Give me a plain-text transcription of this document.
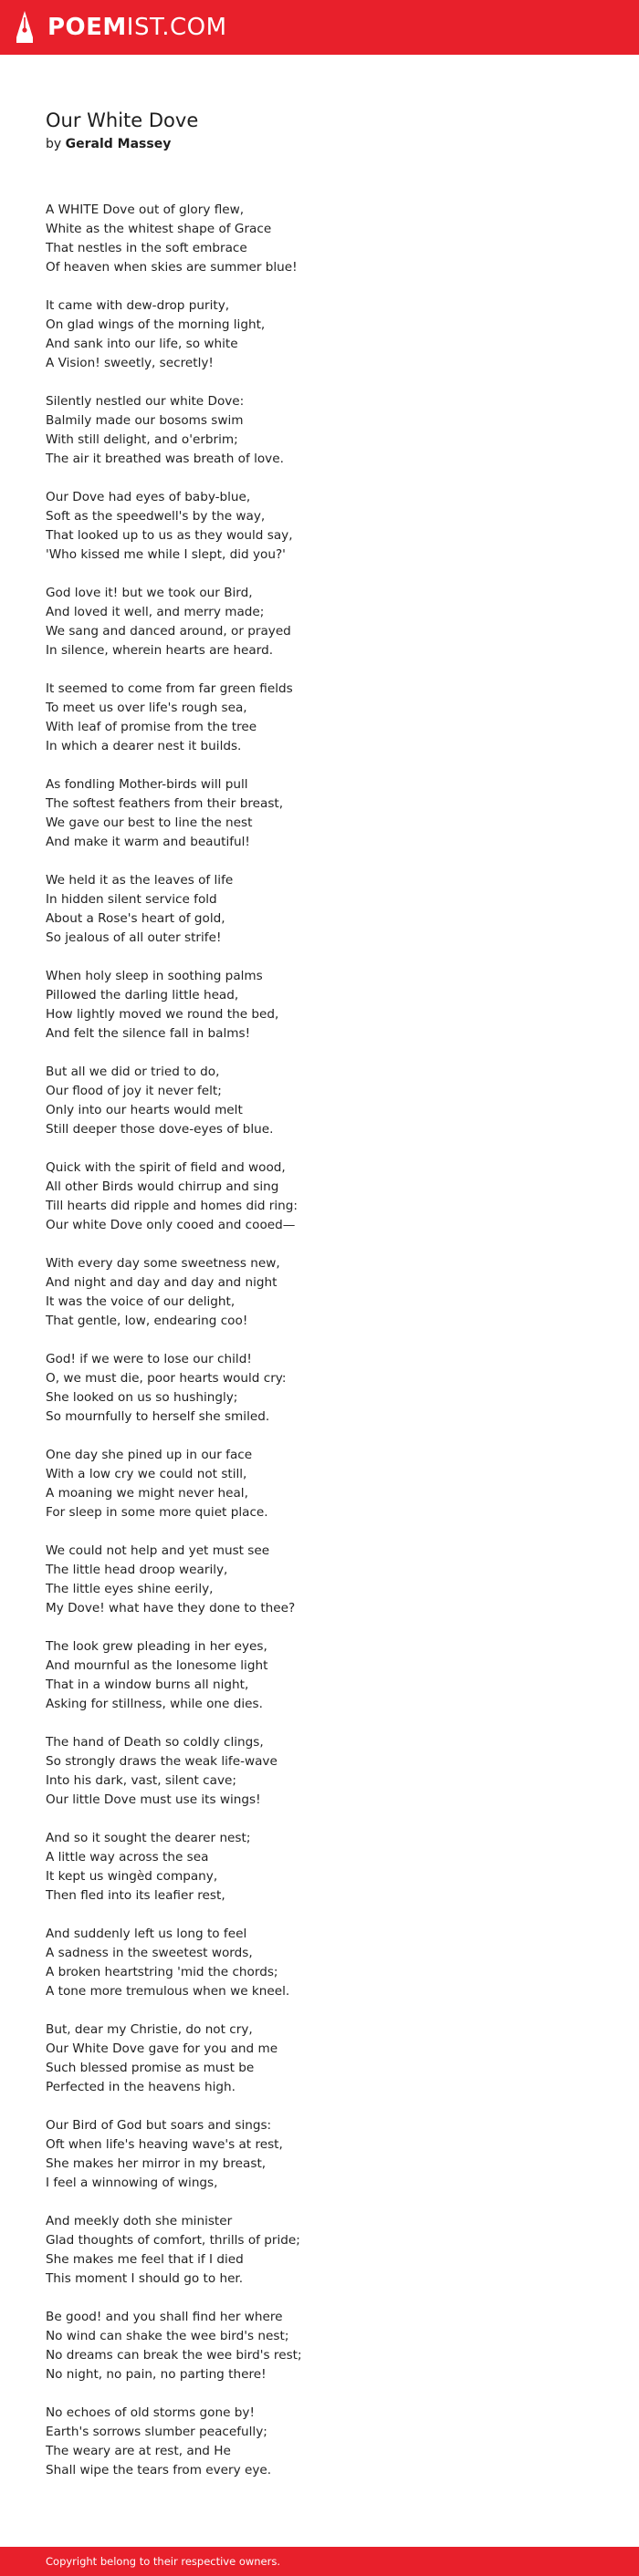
POEMIST.COM
Our White Dove
by Gerald Massey
A WHITE Dove out of glory flew,
White as the whitest shape of Grace
That nestles in the soft embrace
Of heaven when skies are summer blue!
It came with dew-drop purity,
On glad wings of the morning light,
And sank into our life, so white
A Vision! sweetly, secretly!
Silently nestled our white Dove:
Balmily made our bosoms swim
With still delight, and o'erbrim;
The air it breathed was breath of love.
Our Dove had eyes of baby-blue,
Soft as the speedwell's by the way,
That looked up to us as they would say,
'Who kissed me while I slept, did you?'
God love it! but we took our Bird,
And loved it well, and merry made;
We sang and danced around, or prayed
In silence, wherein hearts are heard.
It seemed to come from far green fields
To meet us over life's rough sea,
With leaf of promise from the tree
In which a dearer nest it builds.
As fondling Mother-birds will pull
The softest feathers from their breast,
We gave our best to line the nest
And make it warm and beautiful!
We held it as the leaves of life
In hidden silent service fold
About a Rose's heart of gold,
So jealous of all outer strife!
When holy sleep in soothing palms
Pillowed the darling little head,
How lightly moved we round the bed,
And felt the silence fall in balms!
But all we did or tried to do,
Our flood of joy it never felt;
Only into our hearts would melt
Still deeper those dove-eyes of blue.
Quick with the spirit of field and wood,
All other Birds would chirrup and sing
Till hearts did ripple and homes did ring:
Our white Dove only cooed and cooed—
With every day some sweetness new,
And night and day and day and night
It was the voice of our delight,
That gentle, low, endearing coo!
God! if we were to lose our child!
O, we must die, poor hearts would cry:
She looked on us so hushingly;
So mournfully to herself she smiled.
One day she pined up in our face
With a low cry we could not still,
A moaning we might never heal,
For sleep in some more quiet place.
We could not help and yet must see
The little head droop wearily,
The little eyes shine eerily,
My Dove! what have they done to thee?
The look grew pleading in her eyes,
And mournful as the lonesome light
That in a window burns all night,
Asking for stillness, while one dies.
The hand of Death so coldly clings,
So strongly draws the weak life-wave
Into his dark, vast, silent cave;
Our little Dove must use its wings!
And so it sought the dearer nest;
A little way across the sea
It kept us wingèd company,
Then fled into its leafier rest,
And suddenly left us long to feel
A sadness in the sweetest words,
A broken heartstring 'mid the chords;
A tone more tremulous when we kneel.
But, dear my Christie, do not cry,
Our White Dove gave for you and me
Such blessed promise as must be
Perfected in the heavens high.
Our Bird of God but soars and sings:
Oft when life's heaving wave's at rest,
She makes her mirror in my breast,
I feel a winnowing of wings,
And meekly doth she minister
Glad thoughts of comfort, thrills of pride;
She makes me feel that if I died
This moment I should go to her.
Be good! and you shall find her where
No wind can shake the wee bird's nest;
No dreams can break the wee bird's rest;
No night, no pain, no parting there!
No echoes of old storms gone by!
Earth's sorrows slumber peacefully;
The weary are at rest, and He
Shall wipe the tears from every eye.
Copyright belong to their respective owners.
